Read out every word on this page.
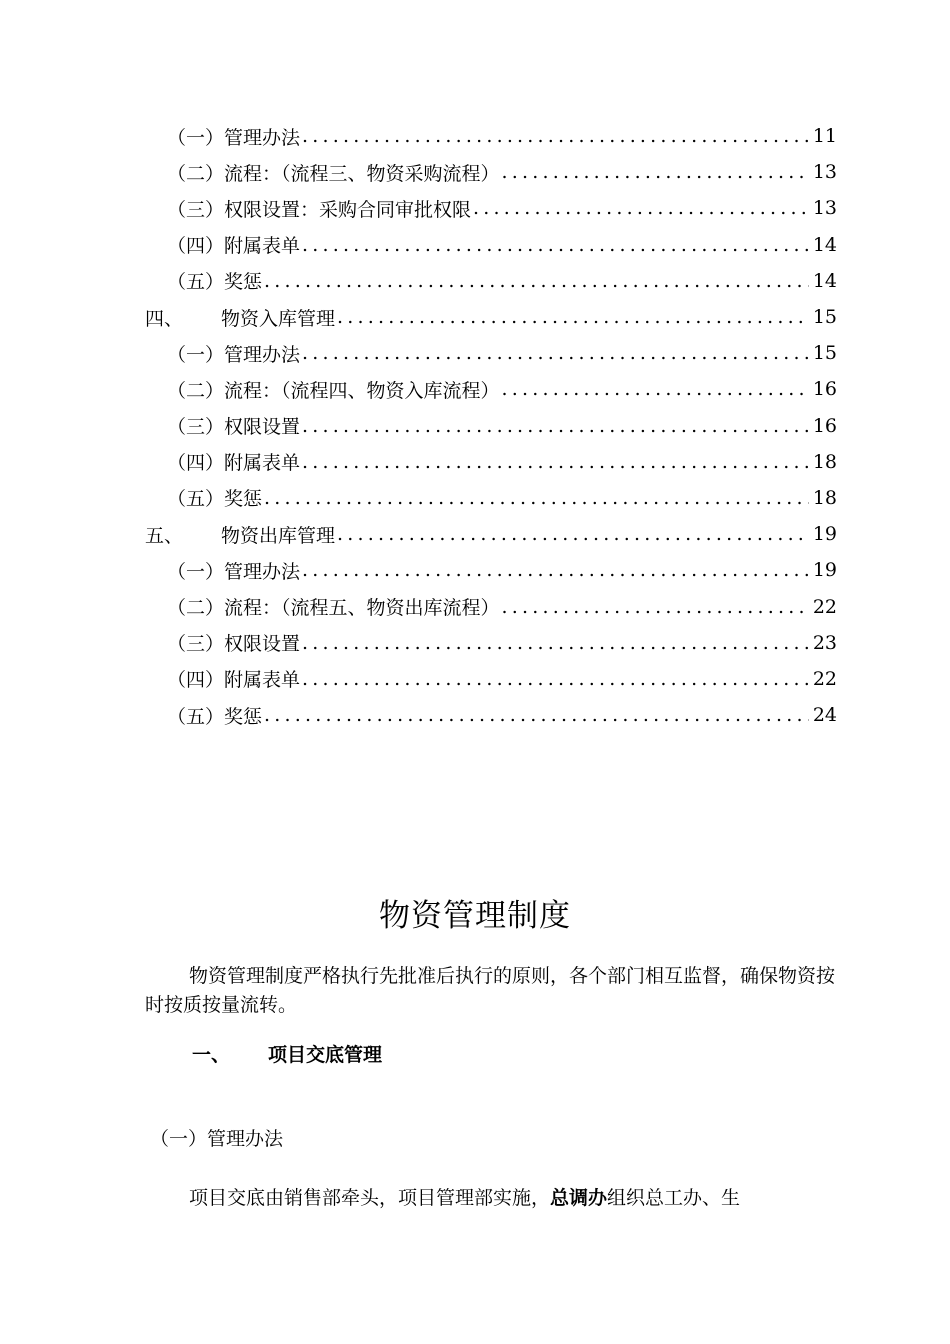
（一） 管理办法 .....	11
（二） 流程：（流程三、物资采购流程） .....	13
（三） 权限设置：采购合同审批权限 .....	13
（四） 附属表单 .....	14
（五） 奖惩 .....	14
四、 物资入库管理 .....	15
（一） 管理办法 .....	15
（二） 流程：（流程四、物资入库流程） .....	16
（三） 权限设置 .....	16
（四） 附属表单 .....	18
（五） 奖惩 .....	18
五、 物资出库管理 .....	19
（一） 管理办法 .....	19
（二） 流程：（流程五、物资出库流程） .....	22
（三） 权限设置 .....	23
（四） 附属表单 .....	22
（五） 奖惩 .....	24
物资管理制度
物资管理制度严格执行先批准后执行的原则，各个部门相互监督，确保物资按时按质按量流转。
一、 项目交底管理
（一）管理办法
项目交底由销售部牵头，项目管理部实施，总调办组织总工办、生
